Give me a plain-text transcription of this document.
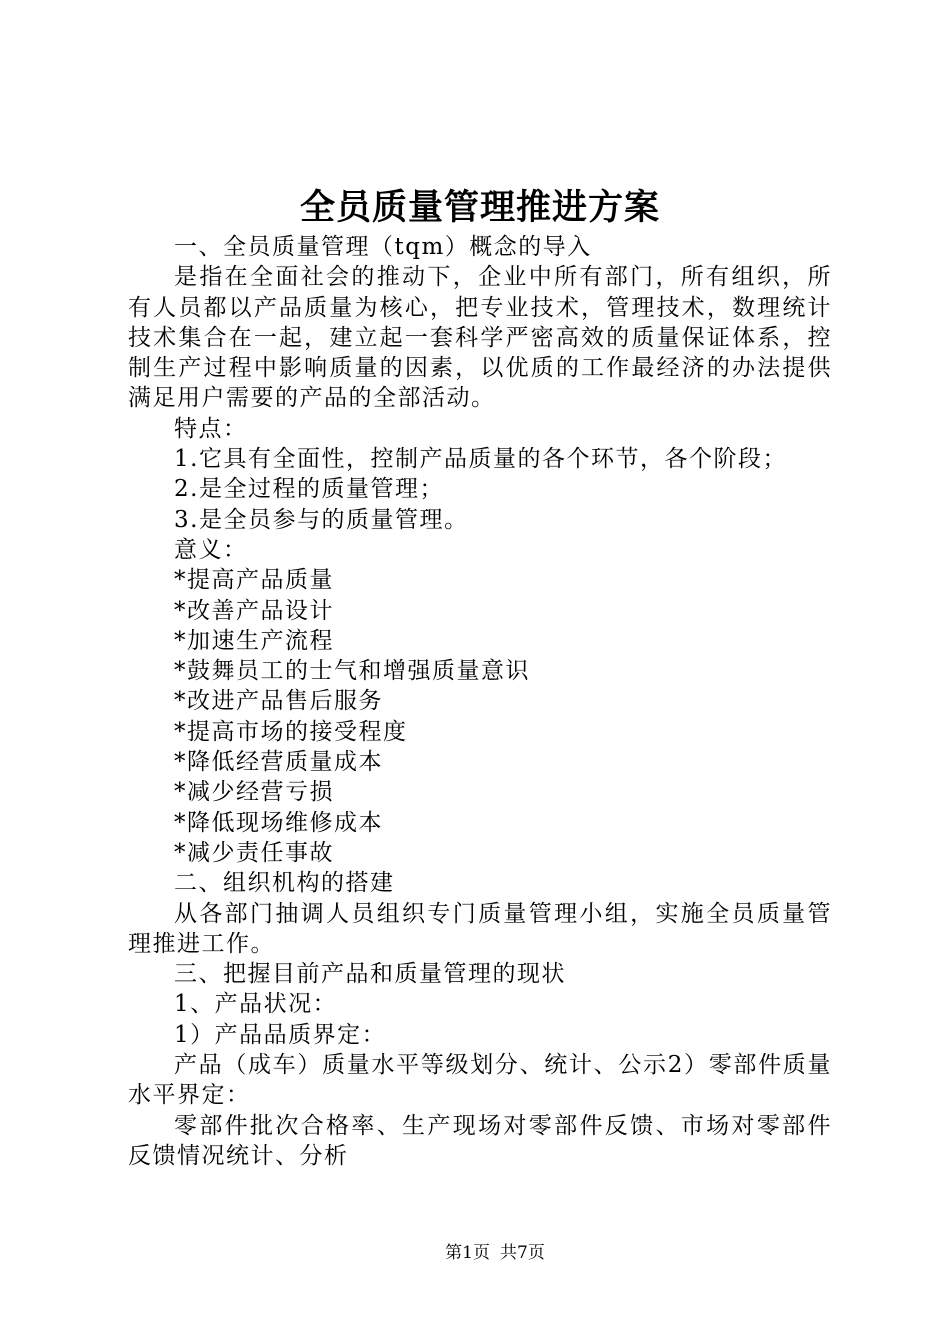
全员质量管理推进方案

一、全员质量管理（tqm）概念的导入

是指在全面社会的推动下，企业中所有部门，所有组织，所有人员都以产品质量为核心，把专业技术，管理技术，数理统计技术集合在一起，建立起一套科学严密高效的质量保证体系，控制生产过程中影响质量的因素，以优质的工作最经济的办法提供满足用户需要的产品的全部活动。

特点：

1.它具有全面性，控制产品质量的各个环节，各个阶段；

2.是全过程的质量管理；

3.是全员参与的质量管理。

意义：

*提高产品质量

*改善产品设计

*加速生产流程

*鼓舞员工的士气和增强质量意识

*改进产品售后服务

*提高市场的接受程度

*降低经营质量成本

*减少经营亏损

*降低现场维修成本

*减少责任事故

二、组织机构的搭建

从各部门抽调人员组织专门质量管理小组，实施全员质量管理推进工作。

三、把握目前产品和质量管理的现状

1、产品状况：

1）产品品质界定：

产品（成车）质量水平等级划分、统计、公示2）零部件质量水平界定：

零部件批次合格率、生产现场对零部件反馈、市场对零部件反馈情况统计、分析

第1页 共7页
